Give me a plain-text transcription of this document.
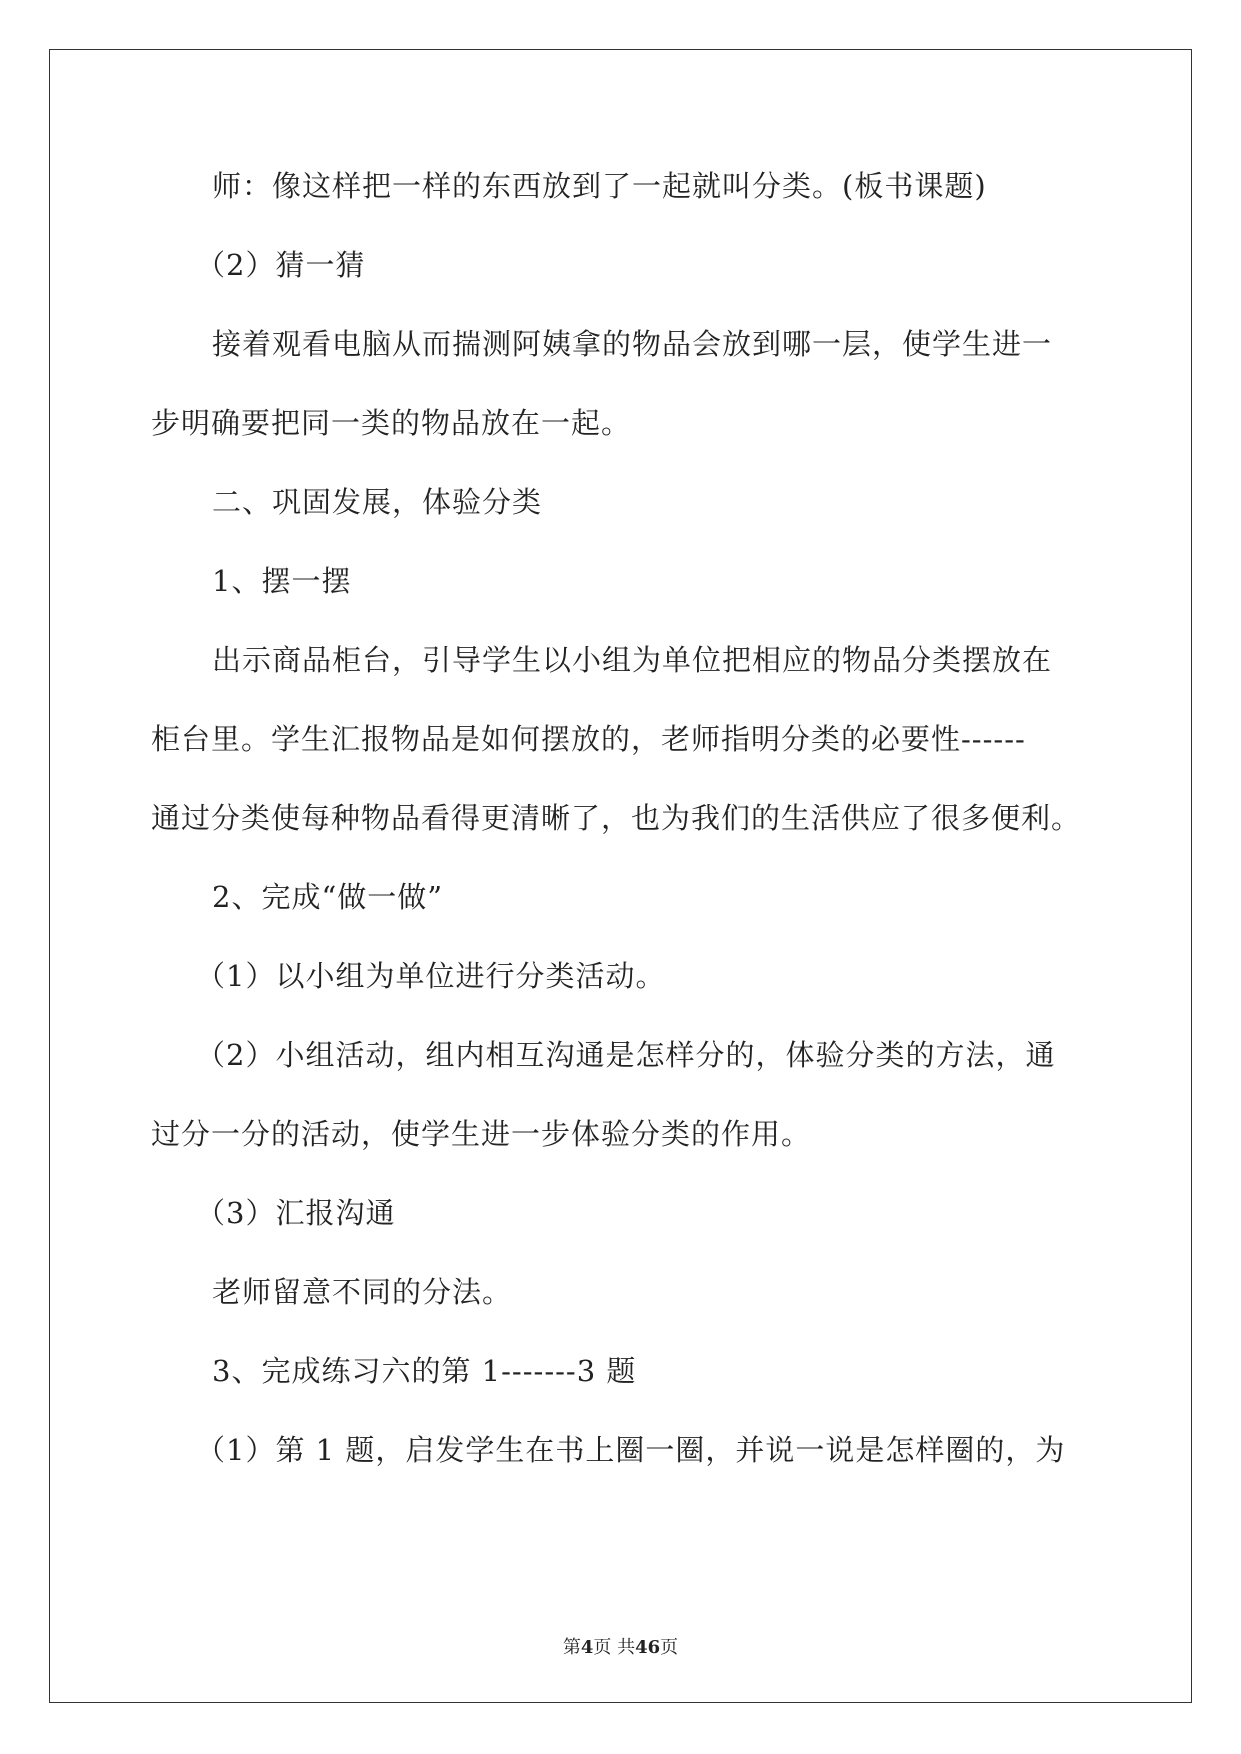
师：像这样把一样的东西放到了一起就叫分类。(板书课题)
（2）猜一猜
接着观看电脑从而揣测阿姨拿的物品会放到哪一层，使学生进一
步明确要把同一类的物品放在一起。
二、巩固发展，体验分类
1、摆一摆
出示商品柜台，引导学生以小组为单位把相应的物品分类摆放在
柜台里。学生汇报物品是如何摆放的，老师指明分类的必要性------
通过分类使每种物品看得更清晰了，也为我们的生活供应了很多便利。
2、完成“做一做”
（1）以小组为单位进行分类活动。
（2）小组活动，组内相互沟通是怎样分的，体验分类的方法，通
过分一分的活动，使学生进一步体验分类的作用。
（3）汇报沟通
老师留意不同的分法。
3、完成练习六的第 1-------3 题
（1）第 1 题，启发学生在书上圈一圈，并说一说是怎样圈的，为
第4页 共46页
